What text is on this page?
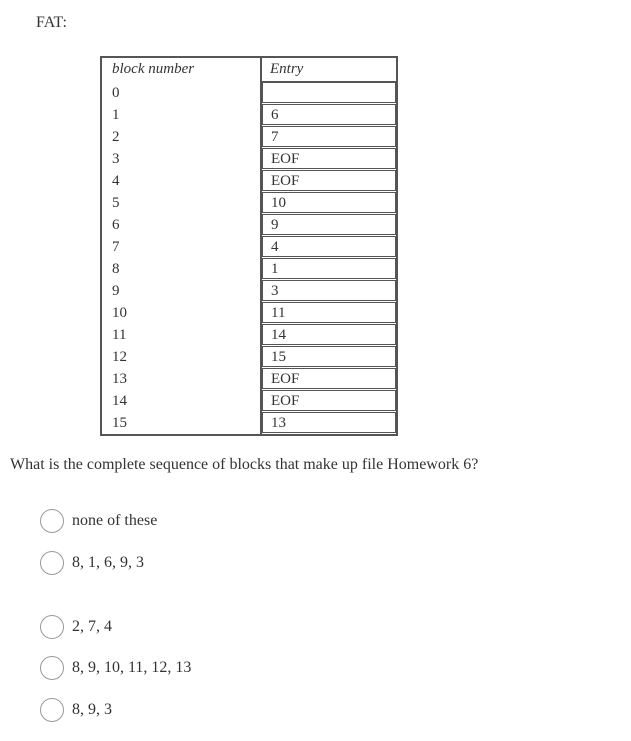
FAT:
block number	Entry
0	

1	6

2	7

3	EOF

4	EOF

5	10

6	9

7	4

8	1

9	3

10	11

11	14

12	15

13	EOF

14	EOF

15	13
What is the complete sequence of blocks that make up file Homework 6?
none of these
8, 1, 6, 9, 3
2, 7, 4
8, 9, 10, 11, 12, 13
8, 9, 3
